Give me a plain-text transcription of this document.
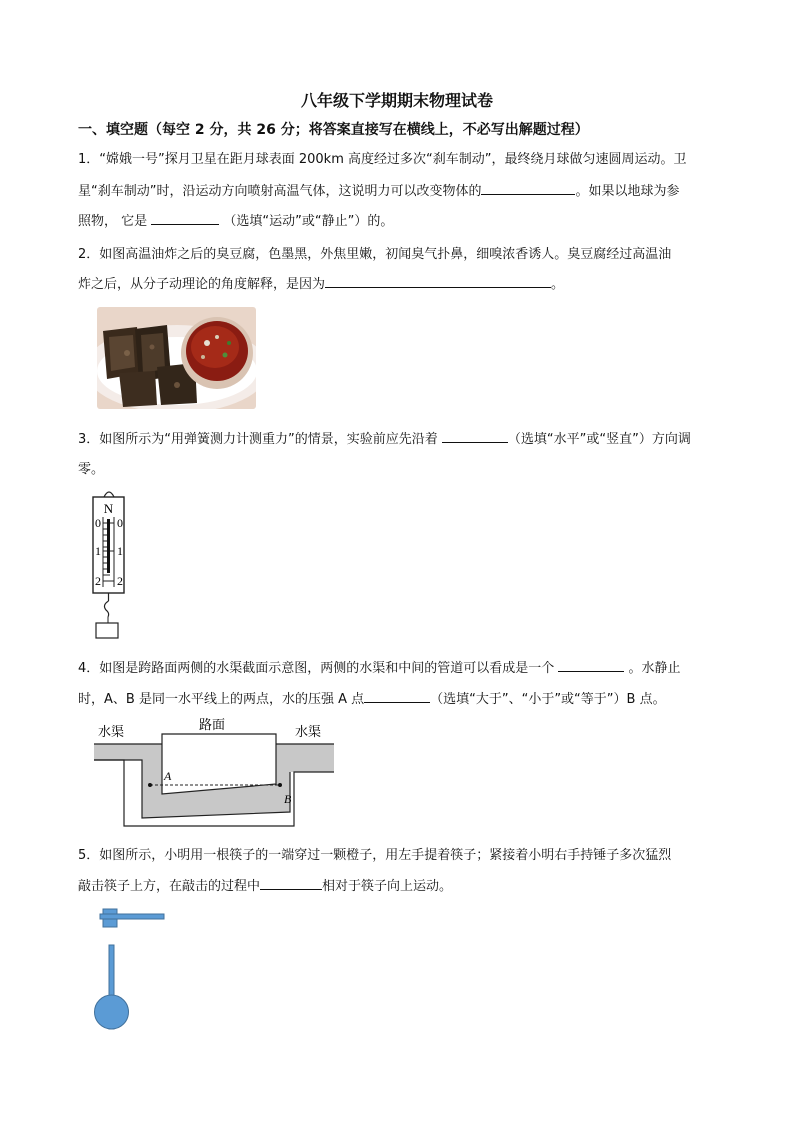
八年级下学期期末物理试卷
一、填空题（每空 2 分，共 26 分；将答案直接写在横线上，不必写出解题过程）
1．“嫦娥一号”探月卫星在距月球表面 200km 高度经过多次“刹车制动”，最终绕月球做匀速圆周运动。卫
星“刹车制动”时，沿运动方向喷射高温气体，这说明力可以改变物体的	。如果以地球为参
照物， 它是	（选填“运动”或“静止”）的。
2．如图高温油炸之后的臭豆腐，色墨黑，外焦里嫩，初闻臭气扑鼻，细嗅浓香诱人。臭豆腐经过高温油
炸之后，从分子动理论的角度解释，是因为	。
3．如图所示为“用弹簧测力计测重力”的情景，实验前应先沿着	（选填“水平”或“竖直”）方向调
零。
N
0 0
1 1
2 2
4．如图是跨路面两侧的水渠截面示意图，两侧的水渠和中间的管道可以看成是一个	。水静止
时，A、B 是同一水平线上的两点，水的压强 A 点	（选填“大于”、“小于”或“等于”）B 点。
水渠	路面	水渠
A
B
5．如图所示，小明用一根筷子的一端穿过一颗橙子，用左手提着筷子；紧接着小明右手持锤子多次猛烈
敲击筷子上方，在敲击的过程中	相对于筷子向上运动。
